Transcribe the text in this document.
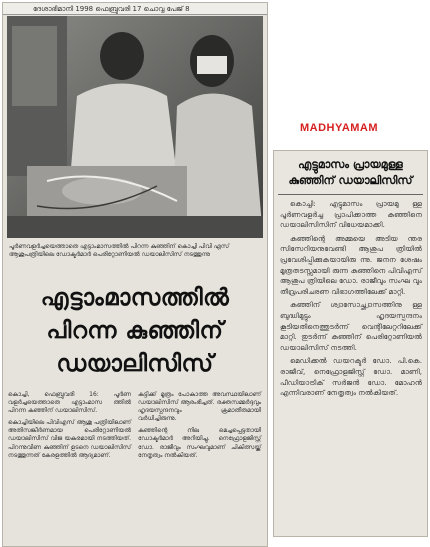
ദേശാഭിമാനി 1998 ഫെബ്രുവരി 17 ചൊവ്വ പേജ് 8
പൂർണവളർച്ചയെത്താതെ എട്ടാംമാസത്തിൽ പിറന്ന കുഞ്ഞിന് കൊച്ചി പിവി എസ് ആശുപത്രിയിലെ ഡോക്ടർമാർ പെരിറ്റോണിയൽ ഡയാലിസിസ് നടത്തുന്നു
എട്ടാംമാസത്തിൽ
പിറന്ന കുഞ്ഞിന്
ഡയാലിസിസ്

കൊച്ചി, ഫെബ്രുവരി 16: പൂർണ വളർച്ചയെത്താതെ എട്ടാംമാസ ത്തിൽ പിറന്ന കുഞ്ഞിന് ഡയാലിസിസ്.

കൊച്ചിയിലെ പിവിഎസ് ആശു പത്രിയിലാണ് അതിസങ്കീർണമായ പെരിറ്റോണിയൽ ഡയാലിസിസ് വിജ യകരമായി നടത്തിയത്. പിറന്നുവീണ കുഞ്ഞിന് ഉടനെ ഡയാലിസിസ് നടത്തുന്നത് കേരളത്തിൽ ആദ്യമാണ്.

കുട്ടിക്ക് മൂത്രം പോകാത്ത അവസ്ഥയിലാണ് ഡയാലിസിസ് ആരംഭിച്ചത്. രക്തസമ്മർദ്ദവും ഹൃദയസ്പന്ദനവും ക്രമാതീതമായി വർധിച്ചിരുന്നു.

കുഞ്ഞിന്റെ നില മെച്ചപ്പെട്ടതായി ഡോക്ടർമാർ അറിയിച്ചു. നെഫ്രോളജിസ്റ്റ് ഡോ. രാജീവും സംഘവുമാണ് ചികിത്സയ്ക്ക് നേതൃത്വം നൽകിയത്.

MADHYAMAM
എട്ടുമാസം പ്രായമുള്ള
കുഞ്ഞിന് ഡയാലിസിസ്

കൊച്ചി: എട്ടുമാസം പ്രായമു ള്ള പൂർണവളർച്ച പ്രാപിക്കാത്ത കുഞ്ഞിനെ ഡയാലിസിസിന് വിധേയമാക്കി.

കുഞ്ഞിന്റെ അമ്മയെ അടിയ ന്തര സിസേറിയനുവേണ്ടി ആശുപ ത്രിയിൽ പ്രവേശിപ്പിക്കുകയായിരു ന്നു. ജനന ശേഷം മൂത്രതടസ്സമായി രുന്ന കുഞ്ഞിനെ പിവിഎസ് ആശുപ ത്രിയിലെ ഡോ. രാജീവും സംഘ വും തീവ്രപരിചരണ വിഭാഗത്തിലേക്ക് മാറ്റി.

കുഞ്ഞിന് ശ്വാസോച്ഛ്വാസത്തിനു ള്ള ബുദ്ധിമുട്ടും ഹൃദയസ്പന്ദനം കൂടിയതിനെത്തുടർന്ന് വെന്റിലേറ്ററിലേക്ക് മാറ്റി. തുടർന്ന് കുഞ്ഞിന് പെരിറ്റോണിയൽ ഡയാലിസിസ് നടത്തി.

മെഡിക്കൽ ഡയറക്ടർ ഡോ. പി.കെ. രാജീവ്, നെഫ്രോളജിസ്റ്റ് ഡോ. മാണി, പീഡിയാട്രിക് സർജൻ ഡോ. മോഹൻ എന്നിവരാണ് നേതൃത്വം നൽകിയത്.
